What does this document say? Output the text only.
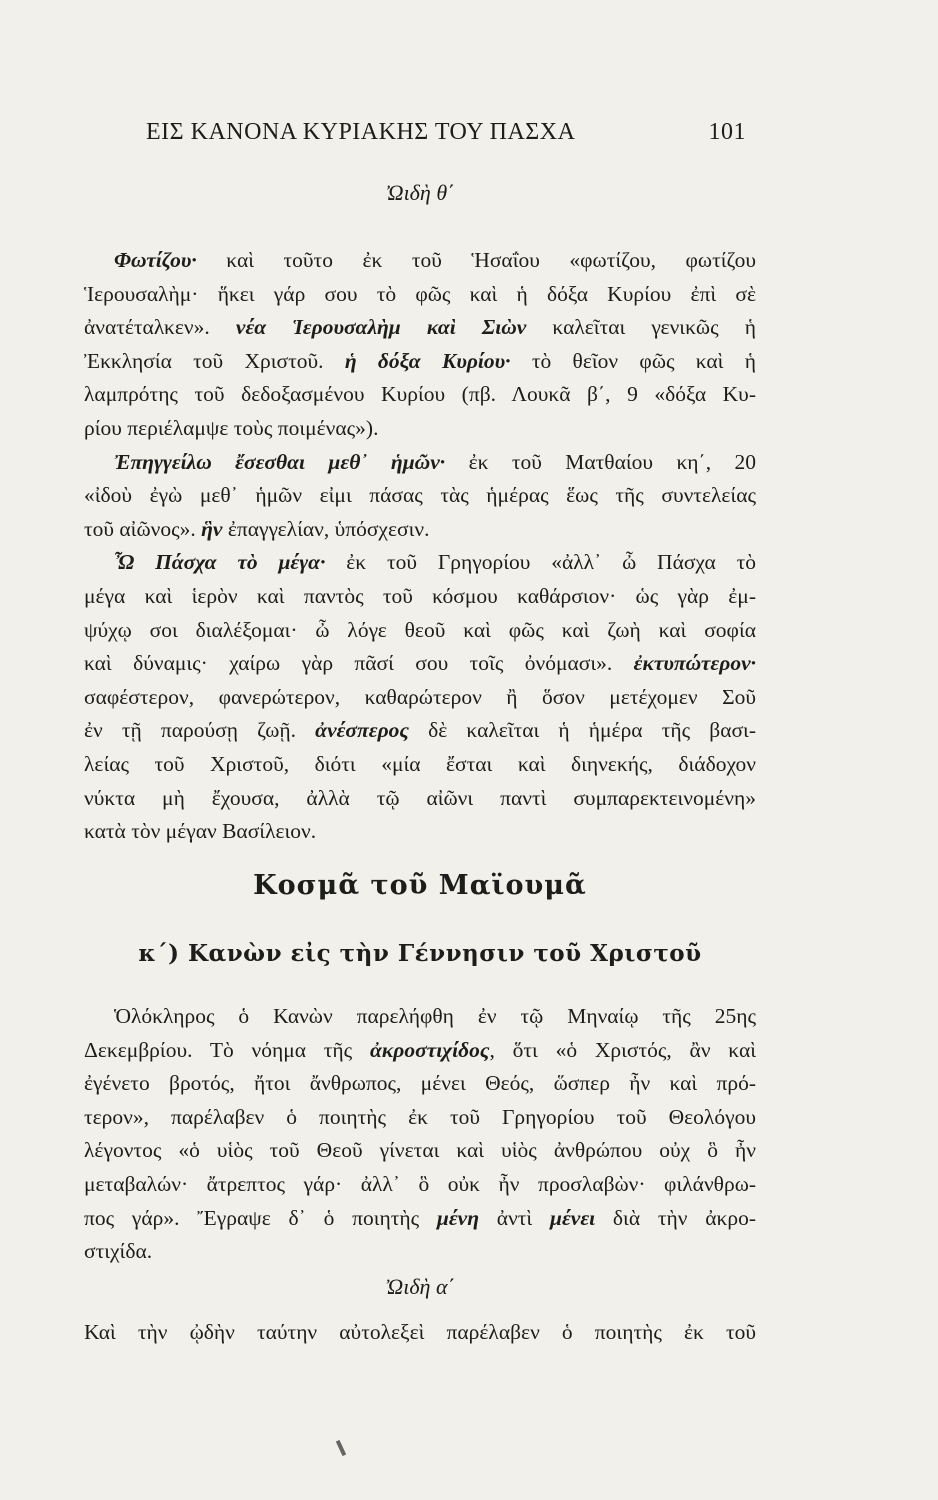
ΕΙΣ ΚΑΝΟΝΑ ΚΥΡΙΑΚΗΣ ΤΟΥ ΠΑΣΧΑ	101
Ὠιδὴ θ΄
Φωτίζου· καὶ τοῦτο ἐκ τοῦ Ἡσαΐου «φωτίζου, φωτίζου
Ἱερουσαλὴμ· ἥκει γάρ σου τὸ φῶς καὶ ἡ δόξα Κυρίου ἐπὶ σὲ
ἀνατέταλκεν». νέα Ἱερουσαλὴμ καὶ Σιὼν καλεῖται γενικῶς ἡ
Ἐκκλησία τοῦ Χριστοῦ. ἡ δόξα Κυρίου· τὸ θεῖον φῶς καὶ ἡ
λαμπρότης τοῦ δεδοξασμένου Κυρίου (πβ. Λουκᾶ β΄, 9 «δόξα Κυ-
ρίου περιέλαμψε τοὺς ποιμένας»).
Ἐπηγγείλω ἔσεσθαι μεθ᾽ ἡμῶν· ἐκ τοῦ Ματθαίου κη΄, 20
«ἰδοὺ ἐγὼ μεθ᾽ ἡμῶν εἰμι πάσας τὰς ἡμέρας ἕως τῆς συντελείας
τοῦ αἰῶνος». ἣν ἐπαγγελίαν, ὑπόσχεσιν.
Ὦ Πάσχα τὸ μέγα· ἐκ τοῦ Γρηγορίου «ἀλλ᾽ ὦ Πάσχα τὸ
μέγα καὶ ἱερὸν καὶ παντὸς τοῦ κόσμου καθάρσιον· ὡς γὰρ ἐμ-
ψύχῳ σοι διαλέξομαι· ὦ λόγε θεοῦ καὶ φῶς καὶ ζωὴ καὶ σοφία
καὶ δύναμις· χαίρω γὰρ πᾶσί σου τοῖς ὀνόμασι». ἐκτυπώτερον·
σαφέστερον, φανερώτερον, καθαρώτερον ἢ ὅσον μετέχομεν Σοῦ
ἐν τῇ παρούσῃ ζωῇ. ἀνέσπερος δὲ καλεῖται ἡ ἡμέρα τῆς βασι-
λείας τοῦ Χριστοῦ, διότι «μία ἔσται καὶ διηνεκής, διάδοχον
νύκτα μὴ ἔχουσα, ἀλλὰ τῷ αἰῶνι παντὶ συμπαρεκτεινομένη»
κατὰ τὸν μέγαν Βασίλειον.
Κοσμᾶ τοῦ Μαϊουμᾶ
κ΄) Κανὼν εἰς τὴν Γέννησιν τοῦ Χριστοῦ
Ὁλόκληρος ὁ Κανὼν παρελήφθη ἐν τῷ Μηναίῳ τῆς 25ης
Δεκεμβρίου. Τὸ νόημα τῆς ἀκροστιχίδος, ὅτι «ὁ Χριστός, ἂν καὶ
ἐγένετο βροτός, ἤτοι ἄνθρωπος, μένει Θεός, ὥσπερ ἦν καὶ πρό-
τερον», παρέλαβεν ὁ ποιητὴς ἐκ τοῦ Γρηγορίου τοῦ Θεολόγου
λέγοντος «ὁ υἱὸς τοῦ Θεοῦ γίνεται καὶ υἱὸς ἀνθρώπου οὐχ ὃ ἦν
μεταβαλών· ἄτρεπτος γάρ· ἀλλ᾽ ὃ οὐκ ἦν προσλαβὼν· φιλάνθρω-
πος γάρ». Ἔγραψε δ᾽ ὁ ποιητὴς μένη ἀντὶ μένει διὰ τὴν ἀκρο-
στιχίδα.
Ὠιδὴ α΄
Καὶ τὴν ᾠδὴν ταύτην αὐτολεξεὶ παρέλαβεν ὁ ποιητὴς ἐκ τοῦ
